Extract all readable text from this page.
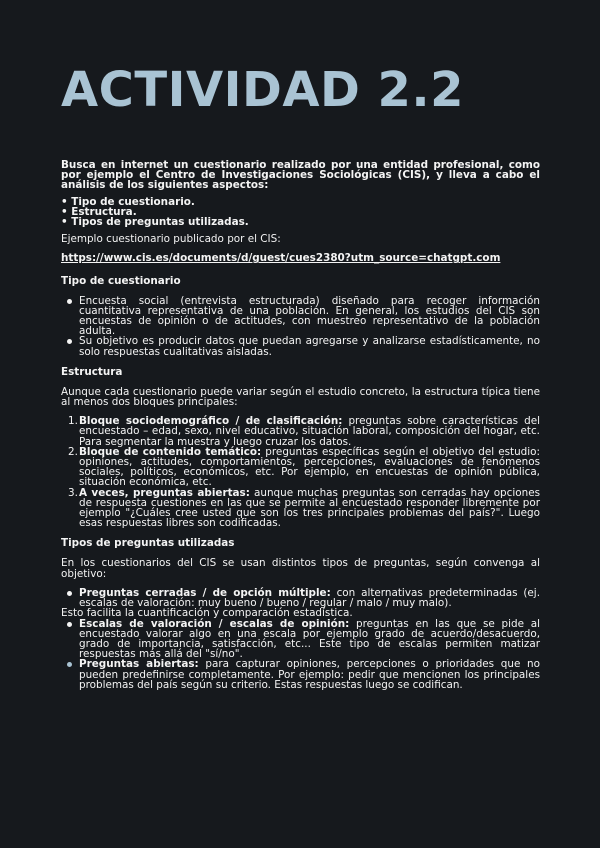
ACTIVIDAD 2.2

Busca en internet un cuestionario realizado por una entidad profesional, como por ejemplo el Centro de Investigaciones Sociológicas (CIS), y lleva a cabo el análisis de los siguientes aspectos:

• Tipo de cuestionario.
• Estructura.
• Tipos de preguntas utilizadas.

Ejemplo cuestionario publicado por el CIS:

https://www.cis.es/documents/d/guest/cues2380?utm_source=chatgpt.com
Tipo de cuestionario
Encuesta social (entrevista estructurada) diseñado para recoger información cuantitativa representativa de una población. En general, los estudios del CIS son encuestas de opinión o de actitudes, con muestreo representativo de la población adulta.
Su objetivo es producir datos que puedan agregarse y analizarse estadísticamente, no solo respuestas cualitativas aisladas.
Estructura

Aunque cada cuestionario puede variar según el estudio concreto, la estructura típica tiene al menos dos bloques principales:

1. Bloque sociodemográfico / de clasificación: preguntas sobre características del encuestado – edad, sexo, nivel educativo, situación laboral, composición del hogar, etc. Para segmentar la muestra y luego cruzar los datos.
2. Bloque de contenido temático: preguntas específicas según el objetivo del estudio: opiniones, actitudes, comportamientos, percepciones, evaluaciones de fenómenos sociales, políticos, económicos, etc. Por ejemplo, en encuestas de opinión pública, situación económica, etc.
3. A veces, preguntas abiertas: aunque muchas preguntas son cerradas hay opciones de respuesta cuestiones en las que se permite al encuestado responder libremente por ejemplo "¿Cuáles cree usted que son los tres principales problemas del país?". Luego esas respuestas libres son codificadas.
Tipos de preguntas utilizadas

En los cuestionarios del CIS se usan distintos tipos de preguntas, según convenga al objetivo:

Preguntas cerradas / de opción múltiple: con alternativas predeterminadas (ej. escalas de valoración: muy bueno / bueno / regular / malo / muy malo).

Esto facilita la cuantificación y comparación estadística.

Escalas de valoración / escalas de opinión: preguntas en las que se pide al encuestado valorar algo en una escala por ejemplo grado de acuerdo/desacuerdo, grado de importancia, satisfacción, etc... Este tipo de escalas permiten matizar respuestas más allá del "sí/no".
Preguntas abiertas: para capturar opiniones, percepciones o prioridades que no pueden predefinirse completamente. Por ejemplo: pedir que mencionen los principales problemas del país según su criterio. Estas respuestas luego se codifican.
